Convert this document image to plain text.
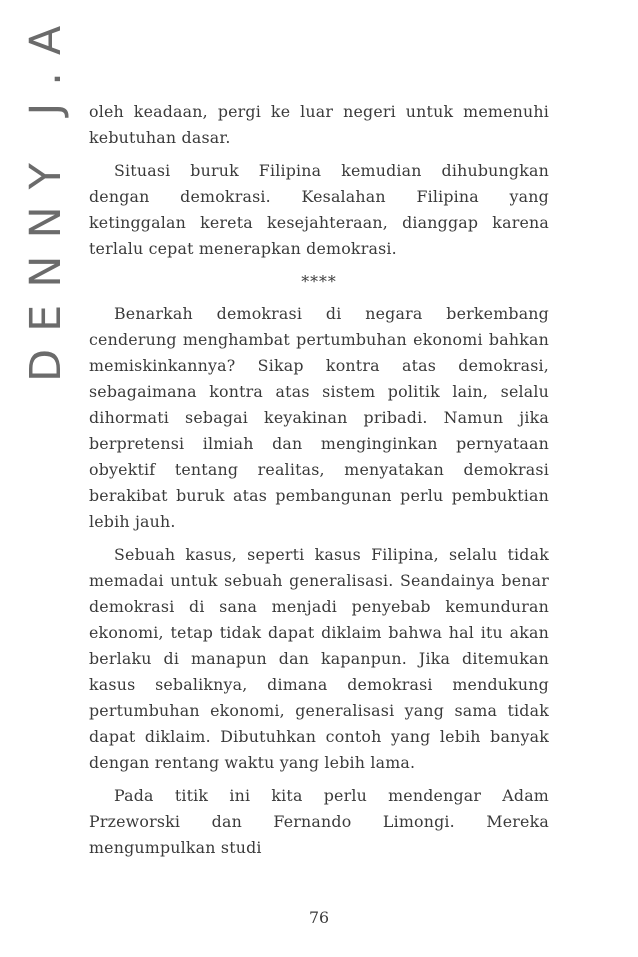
DENNY J.A oleh keadaan, pergi ke luar negeri untuk memenuhi kebutuhan dasar.

Situasi buruk Filipina kemudian dihubungkan dengan demokrasi. Kesalahan Filipina yang ketinggalan kereta kesejahteraan, dianggap karena terlalu cepat menerapkan demokrasi.

****

Benarkah demokrasi di negara berkembang cenderung menghambat pertumbuhan ekonomi bahkan memiskinkannya? Sikap kontra atas demokrasi, sebagaimana kontra atas sistem politik lain, selalu dihormati sebagai keyakinan pribadi. Namun jika berpretensi ilmiah dan menginginkan pernyataan obyektif tentang realitas, menyatakan demokrasi berakibat buruk atas pembangunan perlu pembuktian lebih jauh.

Sebuah kasus, seperti kasus Filipina, selalu tidak memadai untuk sebuah generalisasi. Seandainya benar demokrasi di sana menjadi penyebab kemunduran ekonomi, tetap tidak dapat diklaim bahwa hal itu akan berlaku di manapun dan kapanpun. Jika ditemukan kasus sebaliknya, dimana demokrasi mendukung pertumbuhan ekonomi, generalisasi yang sama tidak dapat diklaim. Dibutuhkan contoh yang lebih banyak dengan rentang waktu yang lebih lama.

Pada titik ini kita perlu mendengar Adam Przeworski dan Fernando Limongi. Mereka mengumpulkan studi

76
